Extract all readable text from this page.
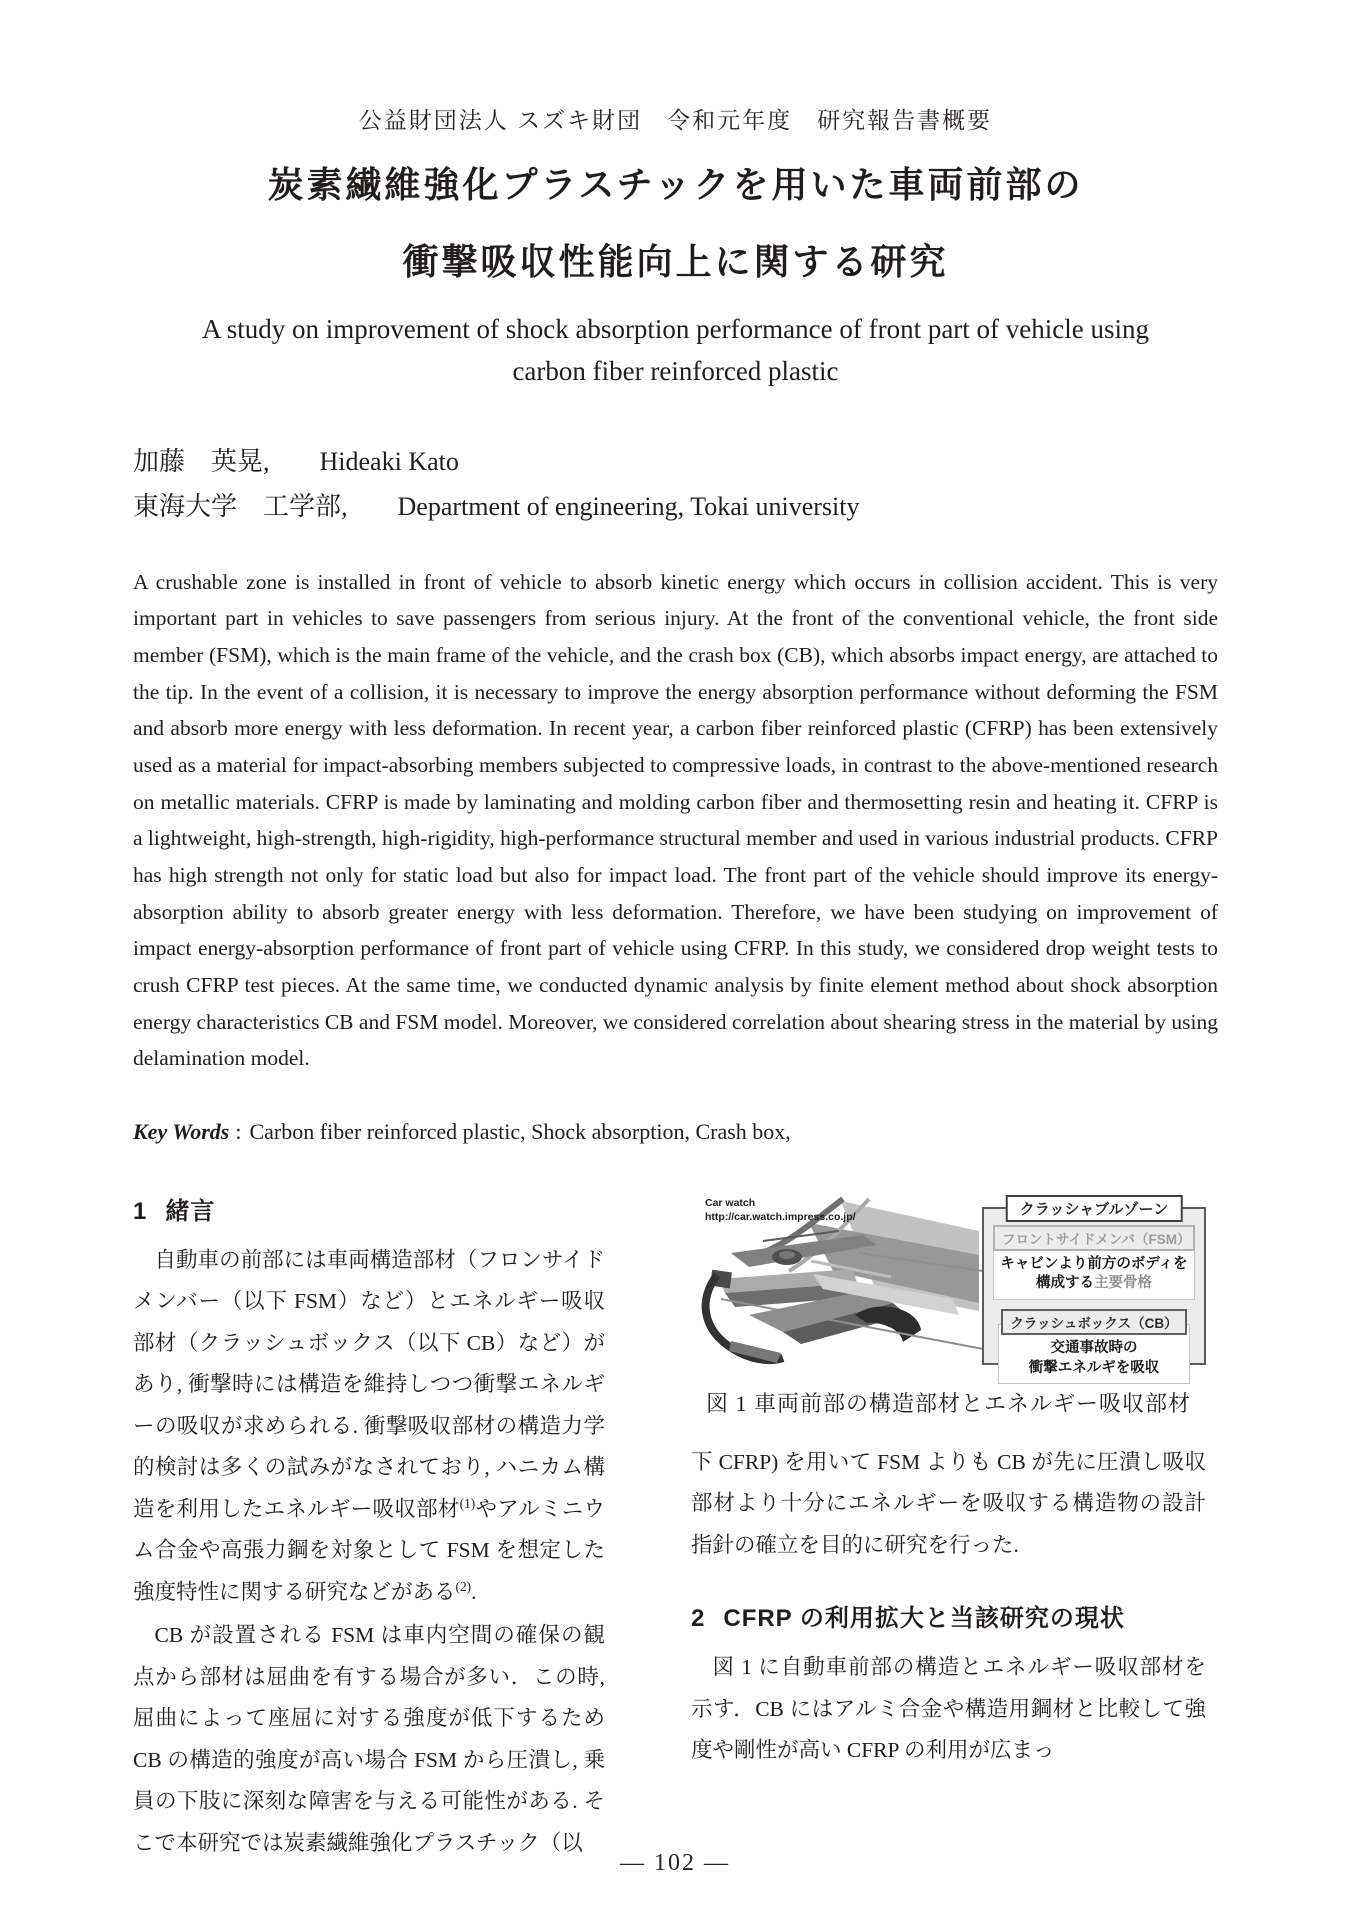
公益財団法人 スズキ財団　令和元年度　研究報告書概要
炭素繊維強化プラスチックを用いた車両前部の
衝撃吸収性能向上に関する研究
A study on improvement of shock absorption performance of front part of vehicle using
carbon fiber reinforced plastic
加藤　英晃, Hideaki Kato
東海大学　工学部, Department of engineering, Tokai university
A crushable zone is installed in front of vehicle to absorb kinetic energy which occurs in collision accident. This is very important part in vehicles to save passengers from serious injury. At the front of the conventional vehicle, the front side member (FSM), which is the main frame of the vehicle, and the crash box (CB), which absorbs impact energy, are attached to the tip. In the event of a collision, it is necessary to improve the energy absorption performance without deforming the FSM and absorb more energy with less deformation. In recent year, a carbon fiber reinforced plastic (CFRP) has been extensively used as a material for impact-absorbing members subjected to compressive loads, in contrast to the above-mentioned research on metallic materials. CFRP is made by laminating and molding carbon fiber and thermosetting resin and heating it. CFRP is a lightweight, high-strength, high-rigidity, high-performance structural member and used in various industrial products. CFRP has high strength not only for static load but also for impact load. The front part of the vehicle should improve its energy-absorption ability to absorb greater energy with less deformation. Therefore, we have been studying on improvement of impact energy-absorption performance of front part of vehicle using CFRP. In this study, we considered drop weight tests to crush CFRP test pieces. At the same time, we conducted dynamic analysis by finite element method about shock absorption energy characteristics CB and FSM model. Moreover, we considered correlation about shearing stress in the material by using delamination model.
Key Words : Carbon fiber reinforced plastic, Shock absorption, Crash box,
1 緒言
自動車の前部には車両構造部材（フロンサイドメンバー（以下 FSM）など）とエネルギー吸収部材（クラッシュボックス（以下 CB）など）があり, 衝撃時には構造を維持しつつ衝撃エネルギーの吸収が求められる. 衝撃吸収部材の構造力学的検討は多くの試みがなされており, ハニカム構造を利用したエネルギー吸収部材$^{(1)}$やアルミニウム合金や高張力鋼を対象として FSM を想定した強度特性に関する研究などがある$^{(2)}$.
CB が設置される FSM は車内空間の確保の観点から部材は屈曲を有する場合が多い．この時, 屈曲によって座屈に対する強度が低下するため CB の構造的強度が高い場合 FSM から圧潰し, 乗員の下肢に深刻な障害を与える可能性がある. そこで本研究では炭素繊維強化プラスチック（以
Car watch
http://car.watch.impress.co.jp/	クラッシャブルゾーン
フロントサイドメンバ（FSM）
キャビンより前方のボディを
構成する主要骨格
クラッシュボックス（CB）
交通事故時の
衝撃エネルギを吸収
図 1 車両前部の構造部材とエネルギー吸収部材
下 CFRP) を用いて FSM よりも CB が先に圧潰し吸収部材より十分にエネルギーを吸収する構造物の設計指針の確立を目的に研究を行った.
2 CFRP の利用拡大と当該研究の現状
図 1 に自動車前部の構造とエネルギー吸収部材を示す．CB にはアルミ合金や構造用鋼材と比較して強度や剛性が高い CFRP の利用が広まっ
— 102 —
